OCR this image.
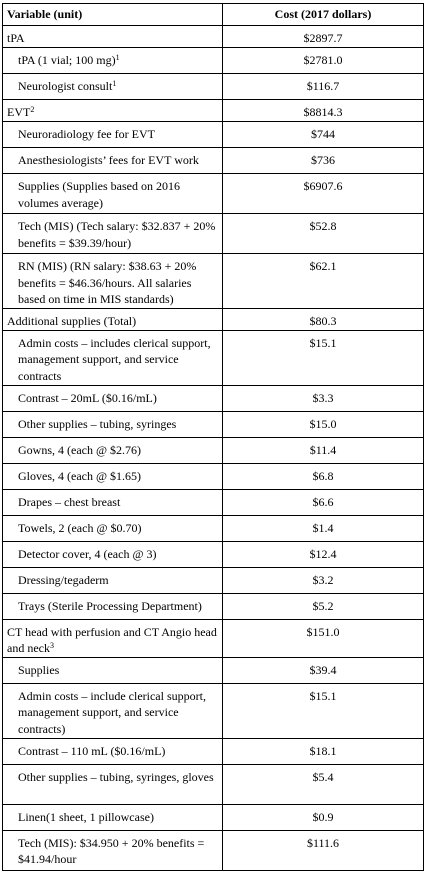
Variable (unit)	Cost (2017 dollars)

tPA	$2897.7

tPA (1 vial; 100 mg)$^1$	$2781.0

Neurologist consult$^1$	$116.7

EVT$^2$	$8814.3

Neuroradiology fee for EVT	$744

Anesthesiologists’ fees for EVT work	$736

Supplies (Supplies based on 2016 volumes average)	$6907.6

Tech (MIS) (Tech salary: $32.837 + 20% benefits = $39.39/hour)	$52.8

RN (MIS) (RN salary: $38.63 + 20% benefits = $46.36/hours. All salaries based on time in MIS standards)	$62.1

Additional supplies (Total)	$80.3

Admin costs – includes clerical support, management support, and service contracts	$15.1

Contrast – 20mL ($0.16/mL)	$3.3

Other supplies – tubing, syringes	$15.0

Gowns, 4 (each @ $2.76)	$11.4

Gloves, 4 (each @ $1.65)	$6.8

Drapes – chest breast	$6.6

Towels, 2 (each @ $0.70)	$1.4

Detector cover, 4 (each @ 3)	$12.4

Dressing/tegaderm	$3.2

Trays (Sterile Processing Department)	$5.2

CT head with perfusion and CT Angio head and neck$^3$	$151.0

Supplies	$39.4

Admin costs – include clerical support, management support, and service contracts)	$15.1

Contrast – 110 mL ($0.16/mL)	$18.1

Other supplies – tubing, syringes, gloves	$5.4

Linen(1 sheet, 1 pillowcase)	$0.9

Tech (MIS): $34.950 + 20% benefits = $41.94/hour	$111.6
